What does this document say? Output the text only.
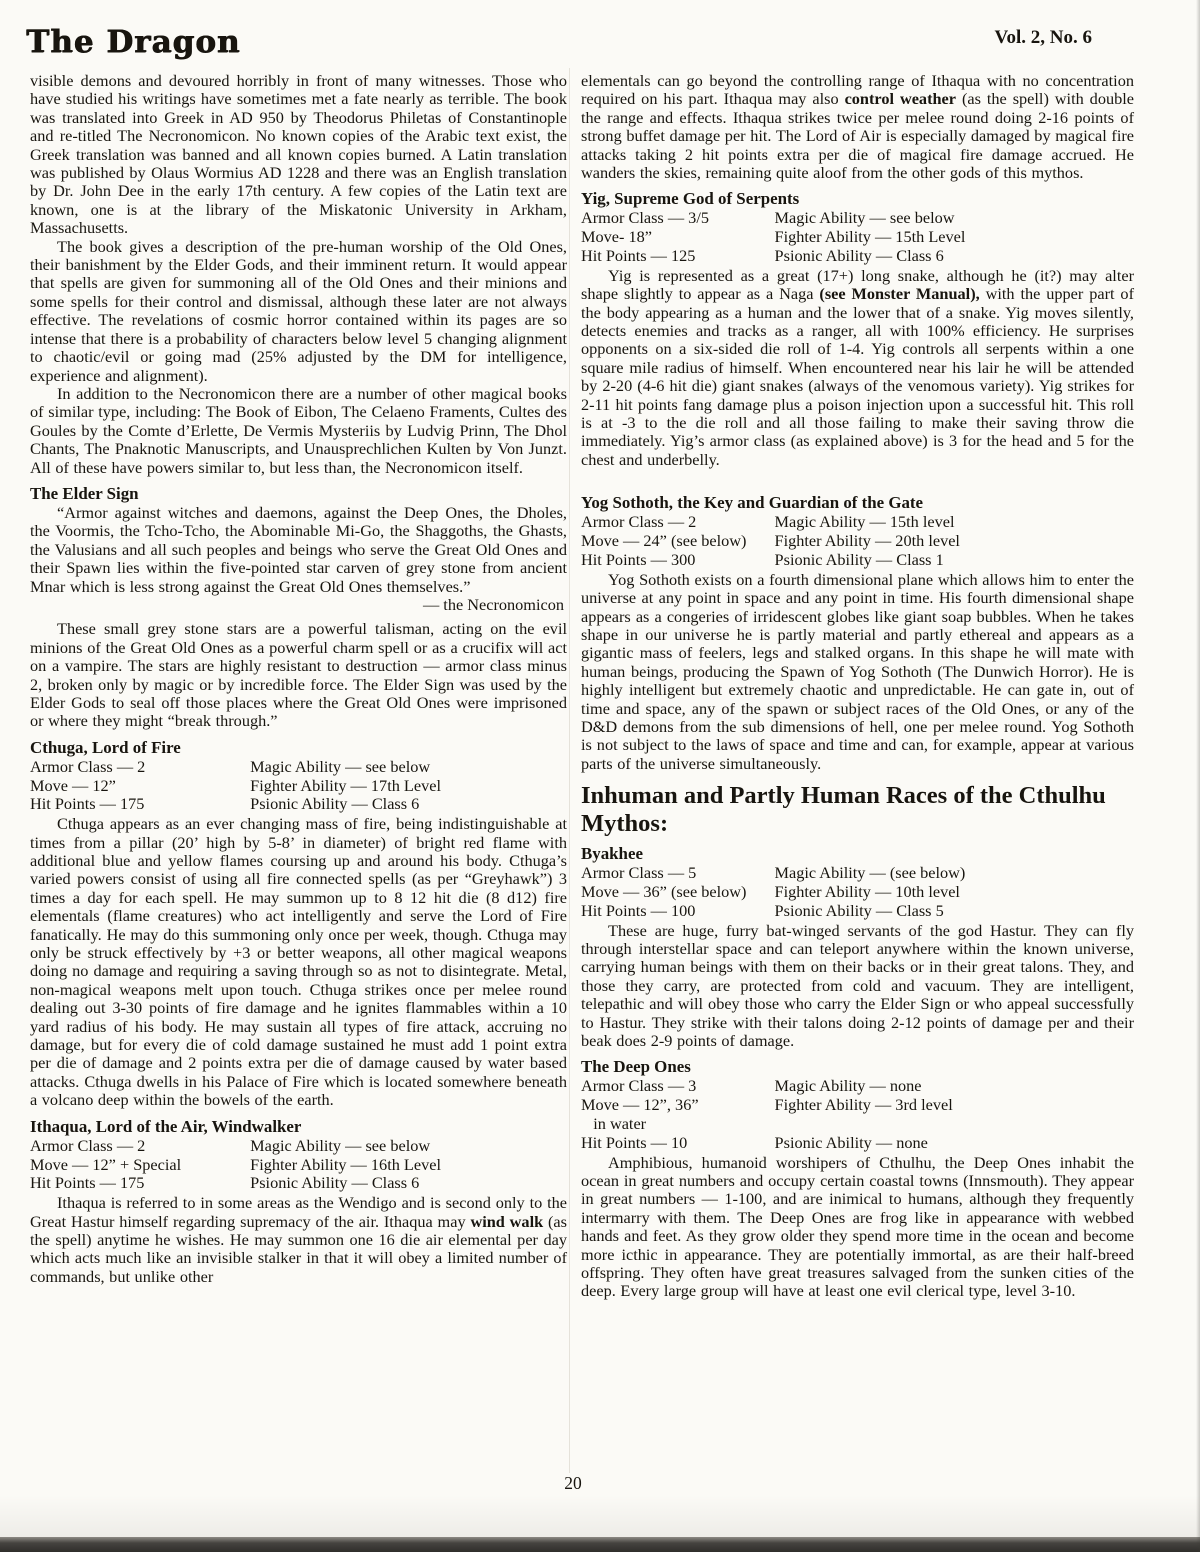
The Dragon	Vol. 2, No. 6

visible demons and devoured horribly in front of many witnesses. Those who have studied his writings have sometimes met a fate nearly as terrible. The book was translated into Greek in AD 950 by Theodorus Philetas of Constantinople and re-titled The Necronomicon. No known copies of the Arabic text exist, the Greek translation was banned and all known copies burned. A Latin translation was published by Olaus Wormius AD 1228 and there was an English translation by Dr. John Dee in the early 17th century. A few copies of the Latin text are known, one is at the library of the Miskatonic University in Arkham, Massachusetts.

The book gives a description of the pre-human worship of the Old Ones, their banishment by the Elder Gods, and their imminent return. It would appear that spells are given for summoning all of the Old Ones and their minions and some spells for their control and dismissal, although these later are not always effective. The revelations of cosmic horror contained within its pages are so intense that there is a probability of characters below level 5 changing alignment to chaotic/evil or going mad (25% adjusted by the DM for intelligence, experience and alignment).

In addition to the Necronomicon there are a number of other magical books of similar type, including: The Book of Eibon, The Celaeno Framents, Cultes des Goules by the Comte d’Erlette, De Vermis Mysteriis by Ludvig Prinn, The Dhol Chants, The Pnaknotic Manuscripts, and Unausprechlichen Kulten by Von Junzt. All of these have powers similar to, but less than, the Necronomicon itself.

The Elder Sign

“Armor against witches and daemons, against the Deep Ones, the Dholes, the Voormis, the Tcho-Tcho, the Abominable Mi-Go, the Shaggoths, the Ghasts, the Valusians and all such peoples and beings who serve the Great Old Ones and their Spawn lies within the five-pointed star carven of grey stone from ancient Mnar which is less strong against the Great Old Ones themselves.”

— the Necronomicon

These small grey stone stars are a powerful talisman, acting on the evil minions of the Great Old Ones as a powerful charm spell or as a crucifix will act on a vampire. The stars are highly resistant to destruction — armor class minus 2, broken only by magic or by incredible force. The Elder Sign was used by the Elder Gods to seal off those places where the Great Old Ones were imprisoned or where they might “break through.”

Cthuga, Lord of Fire
Armor Class — 2	Magic Ability — see below
Move — 12”	Fighter Ability — 17th Level
Hit Points — 175	Psionic Ability — Class 6

Cthuga appears as an ever changing mass of fire, being indistinguishable at times from a pillar (20’ high by 5-8’ in diameter) of bright red flame with additional blue and yellow flames coursing up and around his body. Cthuga’s varied powers consist of using all fire connected spells (as per “Greyhawk”) 3 times a day for each spell. He may summon up to 8 12 hit die (8 d12) fire elementals (flame creatures) who act intelligently and serve the Lord of Fire fanatically. He may do this summoning only once per week, though. Cthuga may only be struck effectively by +3 or better weapons, all other magical weapons doing no damage and requiring a saving through so as not to disintegrate. Metal, non-magical weapons melt upon touch. Cthuga strikes once per melee round dealing out 3-30 points of fire damage and he ignites flammables within a 10 yard radius of his body. He may sustain all types of fire attack, accruing no damage, but for every die of cold damage sustained he must add 1 point extra per die of damage and 2 points extra per die of damage caused by water based attacks. Cthuga dwells in his Palace of Fire which is located somewhere beneath a volcano deep within the bowels of the earth.

Ithaqua, Lord of the Air, Windwalker
Armor Class — 2	Magic Ability — see below
Move — 12” + Special	Fighter Ability — 16th Level
Hit Points — 175	Psionic Ability — Class 6

Ithaqua is referred to in some areas as the Wendigo and is second only to the Great Hastur himself regarding supremacy of the air. Ithaqua may wind walk (as the spell) anytime he wishes. He may summon one 16 die air elemental per day which acts much like an invisible stalker in that it will obey a limited number of commands, but unlike other

elementals can go beyond the controlling range of Ithaqua with no concentration required on his part. Ithaqua may also control weather (as the spell) with double the range and effects. Ithaqua strikes twice per melee round doing 2-16 points of strong buffet damage per hit. The Lord of Air is especially damaged by magical fire attacks taking 2 hit points extra per die of magical fire damage accrued. He wanders the skies, remaining quite aloof from the other gods of this mythos.

Yig, Supreme God of Serpents
Armor Class — 3/5	Magic Ability — see below
Move- 18”	Fighter Ability — 15th Level
Hit Points — 125	Psionic Ability — Class 6

Yig is represented as a great (17+) long snake, although he (it?) may alter shape slightly to appear as a Naga (see Monster Manual), with the upper part of the body appearing as a human and the lower that of a snake. Yig moves silently, detects enemies and tracks as a ranger, all with 100% efficiency. He surprises opponents on a six-sided die roll of 1-4. Yig controls all serpents within a one square mile radius of himself. When encountered near his lair he will be attended by 2-20 (4-6 hit die) giant snakes (always of the venomous variety). Yig strikes for 2-11 hit points fang damage plus a poison injection upon a successful hit. This roll is at -3 to the die roll and all those failing to make their saving throw die immediately. Yig’s armor class (as explained above) is 3 for the head and 5 for the chest and underbelly.

Yog Sothoth, the Key and Guardian of the Gate
Armor Class — 2	Magic Ability — 15th level
Move — 24” (see below)	Fighter Ability — 20th level
Hit Points — 300	Psionic Ability — Class 1

Yog Sothoth exists on a fourth dimensional plane which allows him to enter the universe at any point in space and any point in time. His fourth dimensional shape appears as a congeries of irridescent globes like giant soap bubbles. When he takes shape in our universe he is partly material and partly ethereal and appears as a gigantic mass of feelers, legs and stalked organs. In this shape he will mate with human beings, producing the Spawn of Yog Sothoth (The Dunwich Horror). He is highly intelligent but extremely chaotic and unpredictable. He can gate in, out of time and space, any of the spawn or subject races of the Old Ones, or any of the D&D demons from the sub dimensions of hell, one per melee round. Yog Sothoth is not subject to the laws of space and time and can, for example, appear at various parts of the universe simultaneously.

Inhuman and Partly Human Races of the Cthulhu Mythos:
Byakhee
Armor Class — 5	Magic Ability — (see below)
Move — 36” (see below)	Fighter Ability — 10th level
Hit Points — 100	Psionic Ability — Class 5

These are huge, furry bat-winged servants of the god Hastur. They can fly through interstellar space and can teleport anywhere within the known universe, carrying human beings with them on their backs or in their great talons. They, and those they carry, are protected from cold and vacuum. They are intelligent, telepathic and will obey those who carry the Elder Sign or who appeal successfully to Hastur. They strike with their talons doing 2-12 points of damage per and their beak does 2-9 points of damage.

The Deep Ones
Armor Class — 3	Magic Ability — none
Move — 12”, 36”	Fighter Ability — 3rd level
in water
Hit Points — 10	Psionic Ability — none

Amphibious, humanoid worshipers of Cthulhu, the Deep Ones inhabit the ocean in great numbers and occupy certain coastal towns (Innsmouth). They appear in great numbers — 1-100, and are inimical to humans, although they frequently intermarry with them. The Deep Ones are frog like in appearance with webbed hands and feet. As they grow older they spend more time in the ocean and become more icthic in appearance. They are potentially immortal, as are their half-breed offspring. They often have great treasures salvaged from the sunken cities of the deep. Every large group will have at least one evil clerical type, level 3-10.

20
